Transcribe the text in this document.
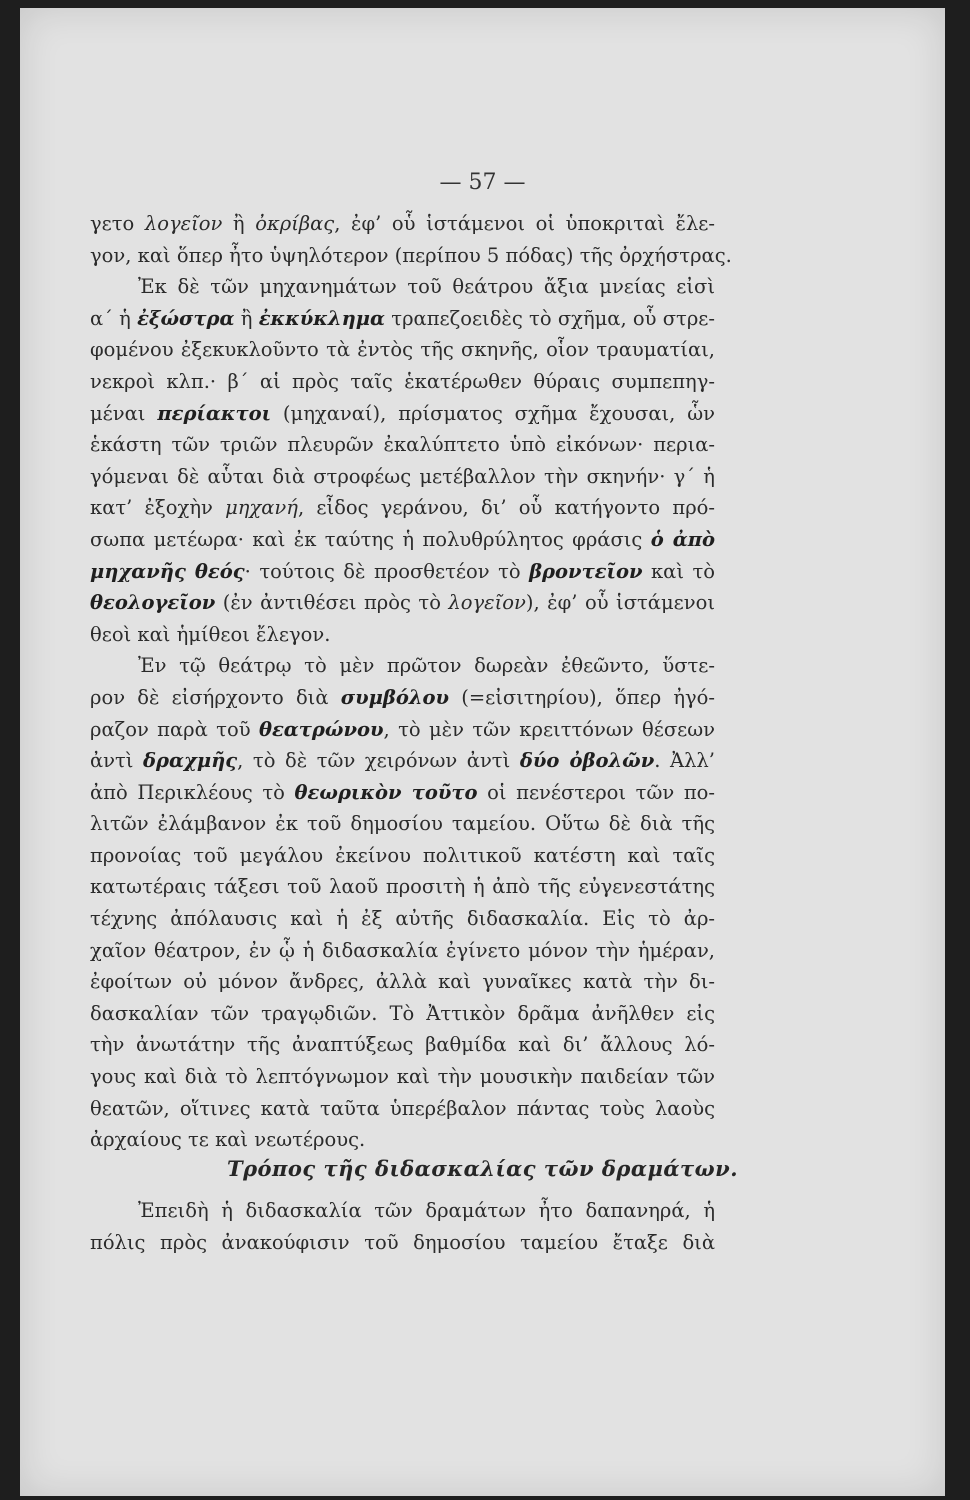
— 57 —
γετο λογεῖον ἢ ὀκρίβας, ἐφ’ οὗ ἱστάμενοι οἱ ὑποκριταὶ ἔλε-
γον, καὶ ὅπερ ἦτο ὑψηλότερον (περίπου 5 πόδας) τῆς ὀρχήστρας.
Ἐκ δὲ τῶν μηχανημάτων τοῦ θεάτρου ἄξια μνείας εἰσὶ
α΄ ἡ ἐξώστρα ἢ ἐκκύκλημα τραπεζοειδὲς τὸ σχῆμα, οὗ στρε-
φομένου ἐξεκυκλοῦντο τὰ ἐντὸς τῆς σκηνῆς, οἷον τραυματίαι,
νεκροὶ κλπ.· β΄ αἱ πρὸς ταῖς ἑκατέρωθεν θύραις συμπεπηγ-
μέναι περίακτοι (μηχαναί), πρίσματος σχῆμα ἔχουσαι, ὧν
ἑκάστη τῶν τριῶν πλευρῶν ἐκαλύπτετο ὑπὸ εἰκόνων· περια-
γόμεναι δὲ αὗται διὰ στροφέως μετέβαλλον τὴν σκηνήν· γ΄ ἡ
κατ’ ἐξοχὴν μηχανή, εἶδος γεράνου, δι’ οὗ κατήγοντο πρό-
σωπα μετέωρα· καὶ ἐκ ταύτης ἡ πολυθρύλητος φράσις ὁ ἀπὸ
μηχανῆς θεός· τούτοις δὲ προσθετέον τὸ βροντεῖον καὶ τὸ
θεολογεῖον (ἐν ἀντιθέσει πρὸς τὸ λογεῖον), ἐφ’ οὗ ἱστάμενοι
θεοὶ καὶ ἡμίθεοι ἔλεγον.
Ἐν τῷ θεάτρῳ τὸ μὲν πρῶτον δωρεὰν ἐθεῶντο, ὕστε-
ρον δὲ εἰσήρχοντο διὰ συμβόλου (=εἰσιτηρίου), ὅπερ ἠγό-
ραζον παρὰ τοῦ θεατρώνου, τὸ μὲν τῶν κρειττόνων θέσεων
ἀντὶ δραχμῆς, τὸ δὲ τῶν χειρόνων ἀντὶ δύο ὀβολῶν. Ἀλλ’
ἀπὸ Περικλέους τὸ θεωρικὸν τοῦτο οἱ πενέστεροι τῶν πο-
λιτῶν ἐλάμβανον ἐκ τοῦ δημοσίου ταμείου. Οὕτω δὲ διὰ τῆς
προνοίας τοῦ μεγάλου ἐκείνου πολιτικοῦ κατέστη καὶ ταῖς
κατωτέραις τάξεσι τοῦ λαοῦ προσιτὴ ἡ ἀπὸ τῆς εὐγενεστάτης
τέχνης ἀπόλαυσις καὶ ἡ ἐξ αὐτῆς διδασκαλία. Εἰς τὸ ἀρ-
χαῖον θέατρον, ἐν ᾧ ἡ διδασκαλία ἐγίνετο μόνον τὴν ἡμέραν,
ἐφοίτων οὐ μόνον ἄνδρες, ἀλλὰ καὶ γυναῖκες κατὰ τὴν δι-
δασκαλίαν τῶν τραγῳδιῶν. Τὸ Ἀττικὸν δρᾶμα ἀνῆλθεν εἰς
τὴν ἀνωτάτην τῆς ἀναπτύξεως βαθμίδα καὶ δι’ ἄλλους λό-
γους καὶ διὰ τὸ λεπτόγνωμον καὶ τὴν μουσικὴν παιδείαν τῶν
θεατῶν, οἵτινες κατὰ ταῦτα ὑπερέβαλον πάντας τοὺς λαοὺς
ἀρχαίους τε καὶ νεωτέρους.
Τρόπος τῆς διδασκαλίας τῶν δραμάτων.
Ἐπειδὴ ἡ διδασκαλία τῶν δραμάτων ἦτο δαπανηρά, ἡ
πόλις πρὸς ἀνακούφισιν τοῦ δημοσίου ταμείου ἔταξε διὰ
